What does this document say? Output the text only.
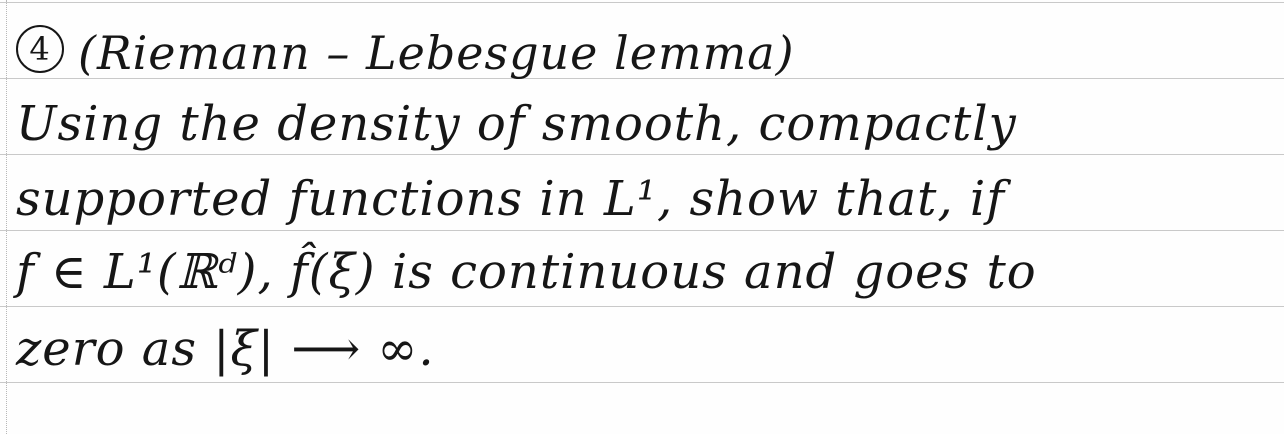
4 (Riemann – Lebesgue lemma)
Using the density of smooth, compactly
supported functions in L¹, show that, if
f ∈ L¹(ℝᵈ), f̂(ξ) is continuous and goes to
zero as |ξ| ⟶ ∞.
